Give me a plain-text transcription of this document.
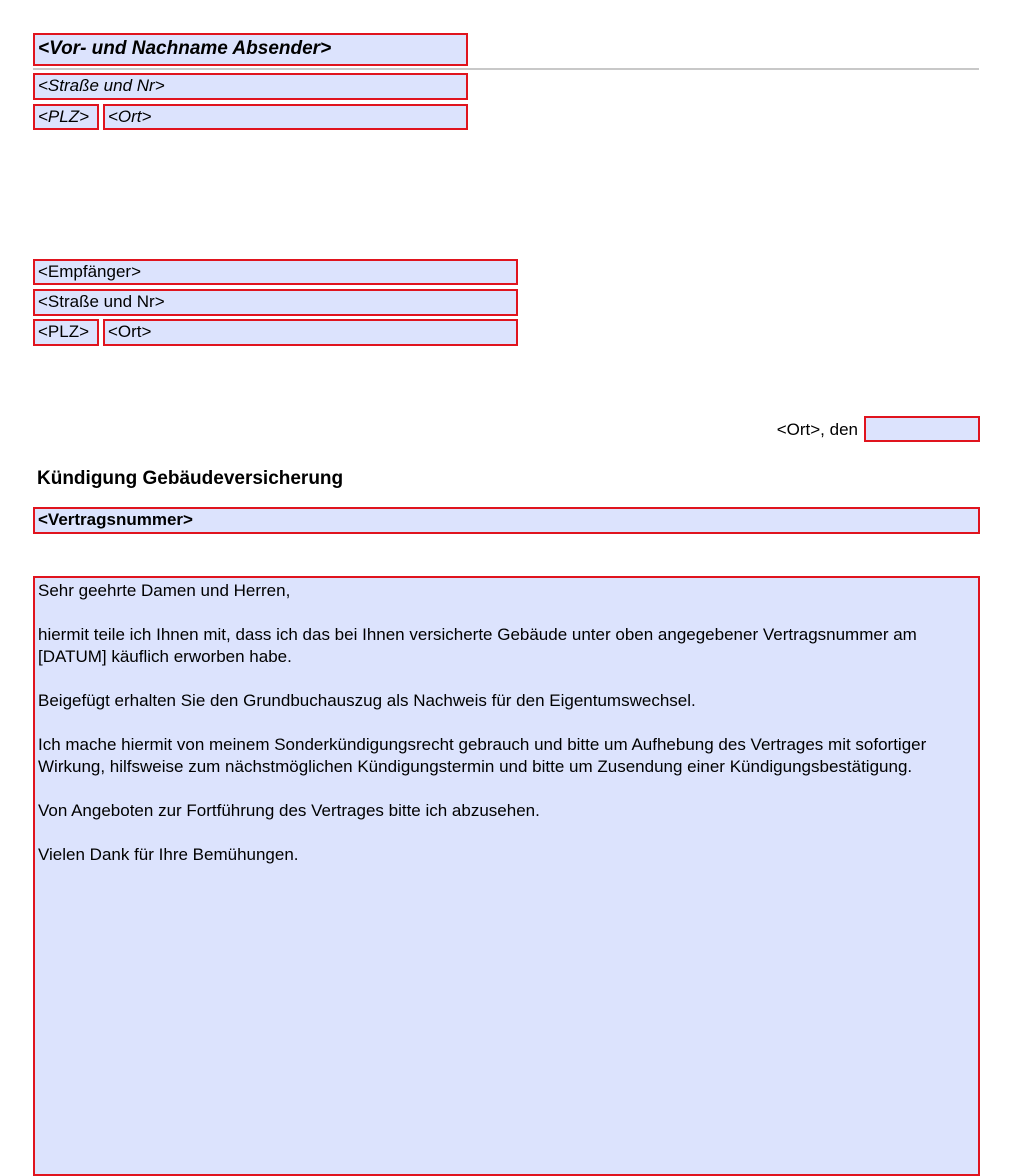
<Vor- und Nachname Absender>
<Straße und Nr>
<PLZ>	<Ort>
<Empfänger>
<Straße und Nr>
<PLZ>	<Ort>
<Ort>, den
Kündigung Gebäudeversicherung
<Vertragsnummer>

Sehr geehrte Damen und Herren,

hiermit teile ich Ihnen mit, dass ich das bei Ihnen versicherte Gebäude unter oben angegebener Vertragsnummer am [DATUM] käuflich erworben habe.

Beigefügt erhalten Sie den Grundbuchauszug als Nachweis für den Eigentumswechsel.

Ich mache hiermit von meinem Sonderkündigungsrecht gebrauch und bitte um Aufhebung des Vertrages mit sofortiger Wirkung, hilfsweise zum nächstmöglichen Kündigungstermin und bitte um Zusendung einer Kündigungsbestätigung.

Von Angeboten zur Fortführung des Vertrages bitte ich abzusehen.

Vielen Dank für Ihre Bemühungen.
